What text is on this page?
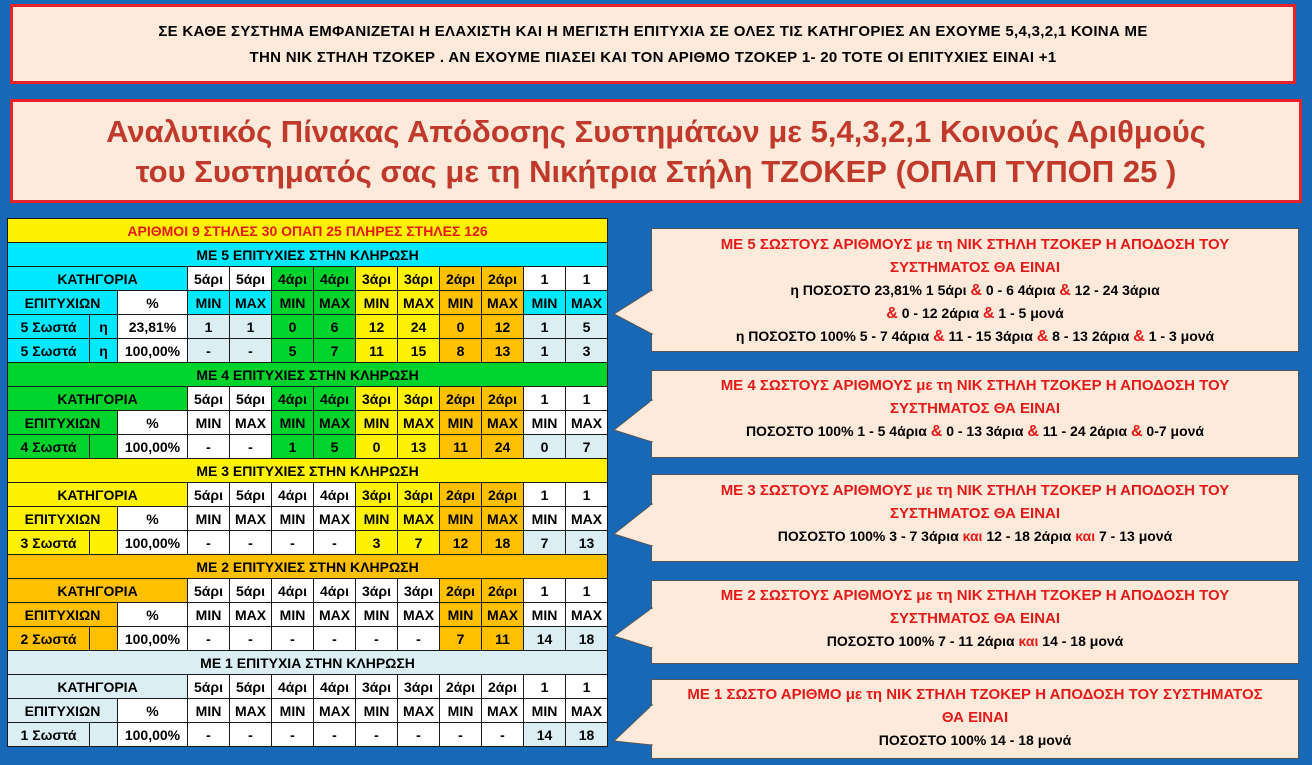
ΣΕ ΚΑΘΕ ΣΥΣΤΗΜΑ ΕΜΦΑΝΙΖΕΤΑΙ Η ΕΛΑΧΙΣΤΗ ΚΑΙ Η ΜΕΓΙΣΤΗ ΕΠΙΤΥΧΙΑ ΣΕ ΟΛΕΣ ΤΙΣ ΚΑΤΗΓΟΡΙΕΣ ΑΝ ΕΧΟΥΜΕ 5,4,3,2,1 ΚΟΙΝΑ ΜΕ
ΤΗΝ ΝΙΚ ΣΤΗΛΗ ΤΖΟΚΕΡ . ΑΝ ΕΧΟΥΜΕ ΠΙΑΣΕΙ ΚΑΙ ΤΟΝ ΑΡΙΘΜΟ ΤΖΟΚΕΡ 1- 20 ΤΟΤΕ ΟΙ ΕΠΙΤΥΧΙΕΣ ΕΙΝΑΙ +1
Αναλυτικός Πίνακας Απόδοσης Συστημάτων με 5,4,3,2,1 Κοινούς Αριθμούς
του Συστηματός σας με τη Νικήτρια Στήλη ΤΖΟΚΕΡ (ΟΠΑΠ ΤΥΠΟΠ 25 )
ΑΡΙΘΜΟΙ 9 ΣΤΗΛΕΣ 30 ΟΠΑΠ 25 ΠΛΗΡΕΣ ΣΤΗΛΕΣ 126												
ΜΕ 5 ΕΠΙΤΥΧΙΕΣ ΣΤΗΝ ΚΛΗΡΩΣΗ												
ΚΑΤΗΓΟΡΙΑ			5άρι	5άρι	4άρι	4άρι	3άρι	3άρι	2άρι	2άρι	1	1
ΕΠΙΤΥΧΙΩΝ		%	MIN	MAX	MIN	MAX	MIN	MAX	MIN	MAX	MIN	MAX
5 Σωστά	η	23,81%	1	1	0	6	12	24	0	12	1	5
5 Σωστά	η	100,00%	-	-	5	7	11	15	8	13	1	3
ΜΕ 4 ΕΠΙΤΥΧΙΕΣ ΣΤΗΝ ΚΛΗΡΩΣΗ												
ΚΑΤΗΓΟΡΙΑ			5άρι	5άρι	4άρι	4άρι	3άρι	3άρι	2άρι	2άρι	1	1
ΕΠΙΤΥΧΙΩΝ		%	MIN	MAX	MIN	MAX	MIN	MAX	MIN	MAX	MIN	MAX
4 Σωστά		100,00%	-	-	1	5	0	13	11	24	0	7
ΜΕ 3 ΕΠΙΤΥΧΙΕΣ ΣΤΗΝ ΚΛΗΡΩΣΗ												
ΚΑΤΗΓΟΡΙΑ			5άρι	5άρι	4άρι	4άρι	3άρι	3άρι	2άρι	2άρι	1	1
ΕΠΙΤΥΧΙΩΝ		%	MIN	MAX	MIN	MAX	MIN	MAX	MIN	MAX	MIN	MAX
3 Σωστά		100,00%	-	-	-	-	3	7	12	18	7	13
ΜΕ 2 ΕΠΙΤΥΧΙΕΣ ΣΤΗΝ ΚΛΗΡΩΣΗ												
ΚΑΤΗΓΟΡΙΑ			5άρι	5άρι	4άρι	4άρι	3άρι	3άρι	2άρι	2άρι	1	1
ΕΠΙΤΥΧΙΩΝ		%	MIN	MAX	MIN	MAX	MIN	MAX	MIN	MAX	MIN	MAX
2 Σωστά		100,00%	-	-	-	-	-	-	7	11	14	18
ΜΕ 1 ΕΠΙΤΥΧΙΑ ΣΤΗΝ ΚΛΗΡΩΣΗ												
ΚΑΤΗΓΟΡΙΑ			5άρι	5άρι	4άρι	4άρι	3άρι	3άρι	2άρι	2άρι	1	1
ΕΠΙΤΥΧΙΩΝ		%	MIN	MAX	MIN	MAX	MIN	MAX	MIN	MAX	MIN	MAX
1 Σωστά		100,00%	-	-	-	-	-	-	-	-	14	18
ΜΕ 5 ΣΩΣΤΟΥΣ ΑΡΙΘΜΟΥΣ με τη ΝΙΚ ΣΤΗΛΗ ΤΖΟΚΕΡ Η ΑΠΟΔΟΣΗ ΤΟΥ
ΣΥΣΤΗΜΑΤΟΣ ΘΑ ΕΙΝΑΙ
η ΠΟΣΟΣΤΟ 23,81% 1 5άρι & 0 - 6 4άρια & 12 - 24 3άρια
& 0 - 12 2άρια & 1 - 5 μονά
η ΠΟΣΟΣΤΟ 100% 5 - 7 4άρια & 11 - 15 3άρια & 8 - 13 2άρια & 1 - 3 μονά
ΜΕ 4 ΣΩΣΤΟΥΣ ΑΡΙΘΜΟΥΣ με τη ΝΙΚ ΣΤΗΛΗ ΤΖΟΚΕΡ Η ΑΠΟΔΟΣΗ ΤΟΥ
ΣΥΣΤΗΜΑΤΟΣ ΘΑ ΕΙΝΑΙ
ΠΟΣΟΣΤΟ 100% 1 - 5 4άρια & 0 - 13 3άρια & 11 - 24 2άρια & 0-7 μονά
ΜΕ 3 ΣΩΣΤΟΥΣ ΑΡΙΘΜΟΥΣ με τη ΝΙΚ ΣΤΗΛΗ ΤΖΟΚΕΡ Η ΑΠΟΔΟΣΗ ΤΟΥ
ΣΥΣΤΗΜΑΤΟΣ ΘΑ ΕΙΝΑΙ
ΠΟΣΟΣΤΟ 100% 3 - 7 3άρια και 12 - 18 2άρια και 7 - 13 μονά
ΜΕ 2 ΣΩΣΤΟΥΣ ΑΡΙΘΜΟΥΣ με τη ΝΙΚ ΣΤΗΛΗ ΤΖΟΚΕΡ Η ΑΠΟΔΟΣΗ ΤΟΥ
ΣΥΣΤΗΜΑΤΟΣ ΘΑ ΕΙΝΑΙ
ΠΟΣΟΣΤΟ 100% 7 - 11 2άρια και 14 - 18 μονά
ΜΕ 1 ΣΩΣΤΟ ΑΡΙΘΜΟ με τη ΝΙΚ ΣΤΗΛΗ ΤΖΟΚΕΡ Η ΑΠΟΔΟΣΗ ΤΟΥ ΣΥΣΤΗΜΑΤΟΣ
ΘΑ ΕΙΝΑΙ
ΠΟΣΟΣΤΟ 100% 14 - 18 μονά
